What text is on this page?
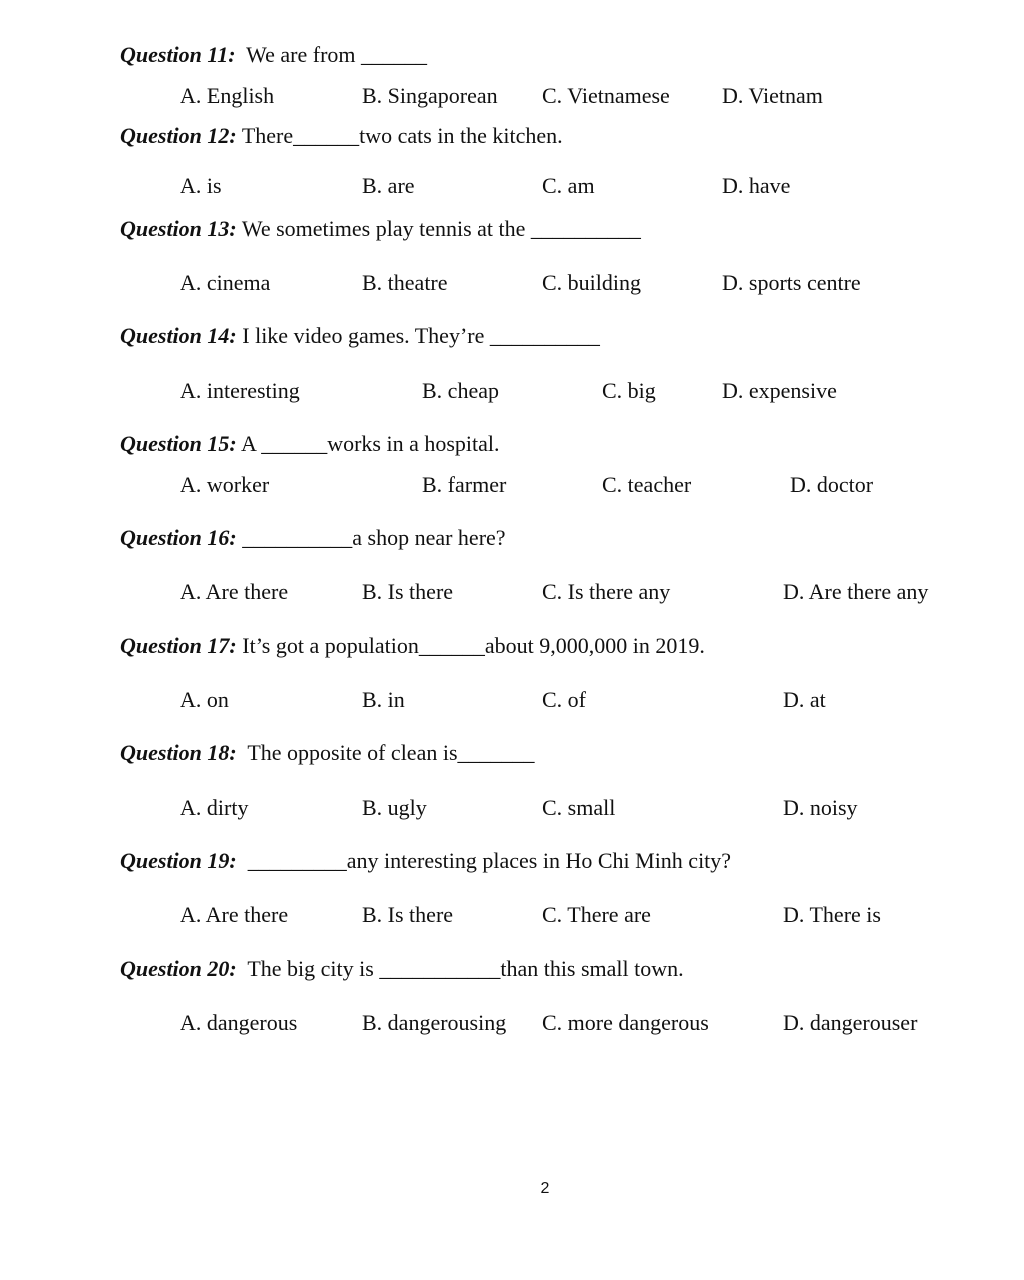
Question 11:  We are from ______
A. English	B. Singaporean C. Vietnamese D. Vietnam
Question 12: There______two cats in the kitchen.
A. is	B. are	C. am	D. have
Question 13: We sometimes play tennis at the __________
A. cinema	B. theatre	C. building	D. sports centre
Question 14: I like video games. They’re __________
A. interesting	B. cheap	C. big	D. expensive
Question 15: A ______works in a hospital.
A. worker	B. farmer	C. teacher	D. doctor
Question 16: __________a shop near here?
A. Are there	B. Is there	C. Is there any	D. Are there any
Question 17: It’s got a population______about 9,000,000 in 2019.
A. on	B. in	C. of	D. at
Question 18:  The opposite of clean is_______
A. dirty	B. ugly	C. small	D. noisy
Question 19:  _________any interesting places in Ho Chi Minh city?
A. Are there	B. Is there	C. There are	D. There is
Question 20:  The big city is ___________than this small town.
A. dangerous	B. dangerousing C. more dangerous	D. dangerouser
2
